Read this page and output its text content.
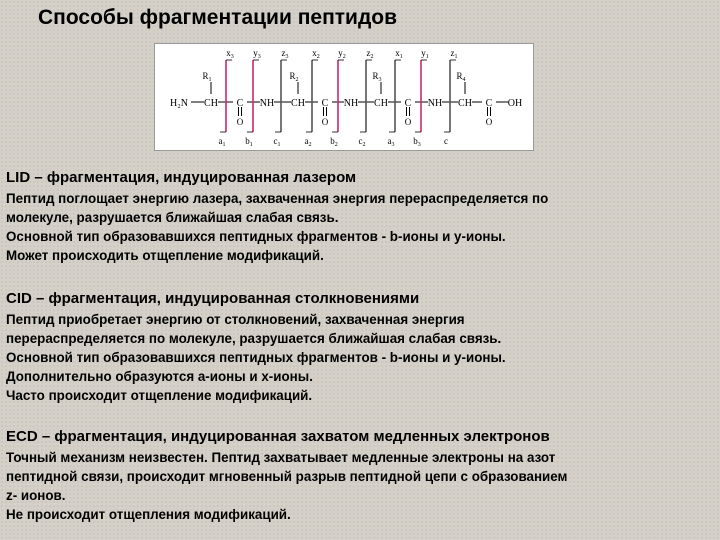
Способы фрагментации пептидов
H₂N CH C NH CH C NH CH C NH CH C OH
$R_1$	$R_2$	$R_3$	$R_4$
O	O	O	O
$x_3$
$a_1$
$y_3$
$b_1$
$z_3$
$c_1$
$x_2$
$a_2$
$y_2$
$b_2$
$z_2$
$c_2$
$x_1$
$a_3$
$y_1$
$b_3$
$z_1$
c
LID – фрагментация, индуцированная лазером
Пептид поглощает энергию лазера, захваченная энергия перераспределяется по
молекуле, разрушается ближайшая слабая связь.
Основной тип образовавшихся пептидных фрагментов - b-ионы и y-ионы.
Может происходить отщепление модификаций.
CID – фрагментация, индуцированная столкновениями
Пептид приобретает энергию от столкновений, захваченная энергия
перераспределяется по молекуле, разрушается ближайшая слабая связь.
Основной тип образовавшихся пептидных фрагментов - b-ионы и y-ионы.
Дополнительно образуются a-ионы и x-ионы.
Часто происходит отщепление модификаций.
ECD – фрагментация, индуцированная захватом медленных электронов
Точный механизм неизвестен. Пептид захватывает медленные электроны на азот
пептидной связи, происходит мгновенный разрыв пептидной цепи с образованием
z- ионов.
Не происходит отщепления модификаций.
